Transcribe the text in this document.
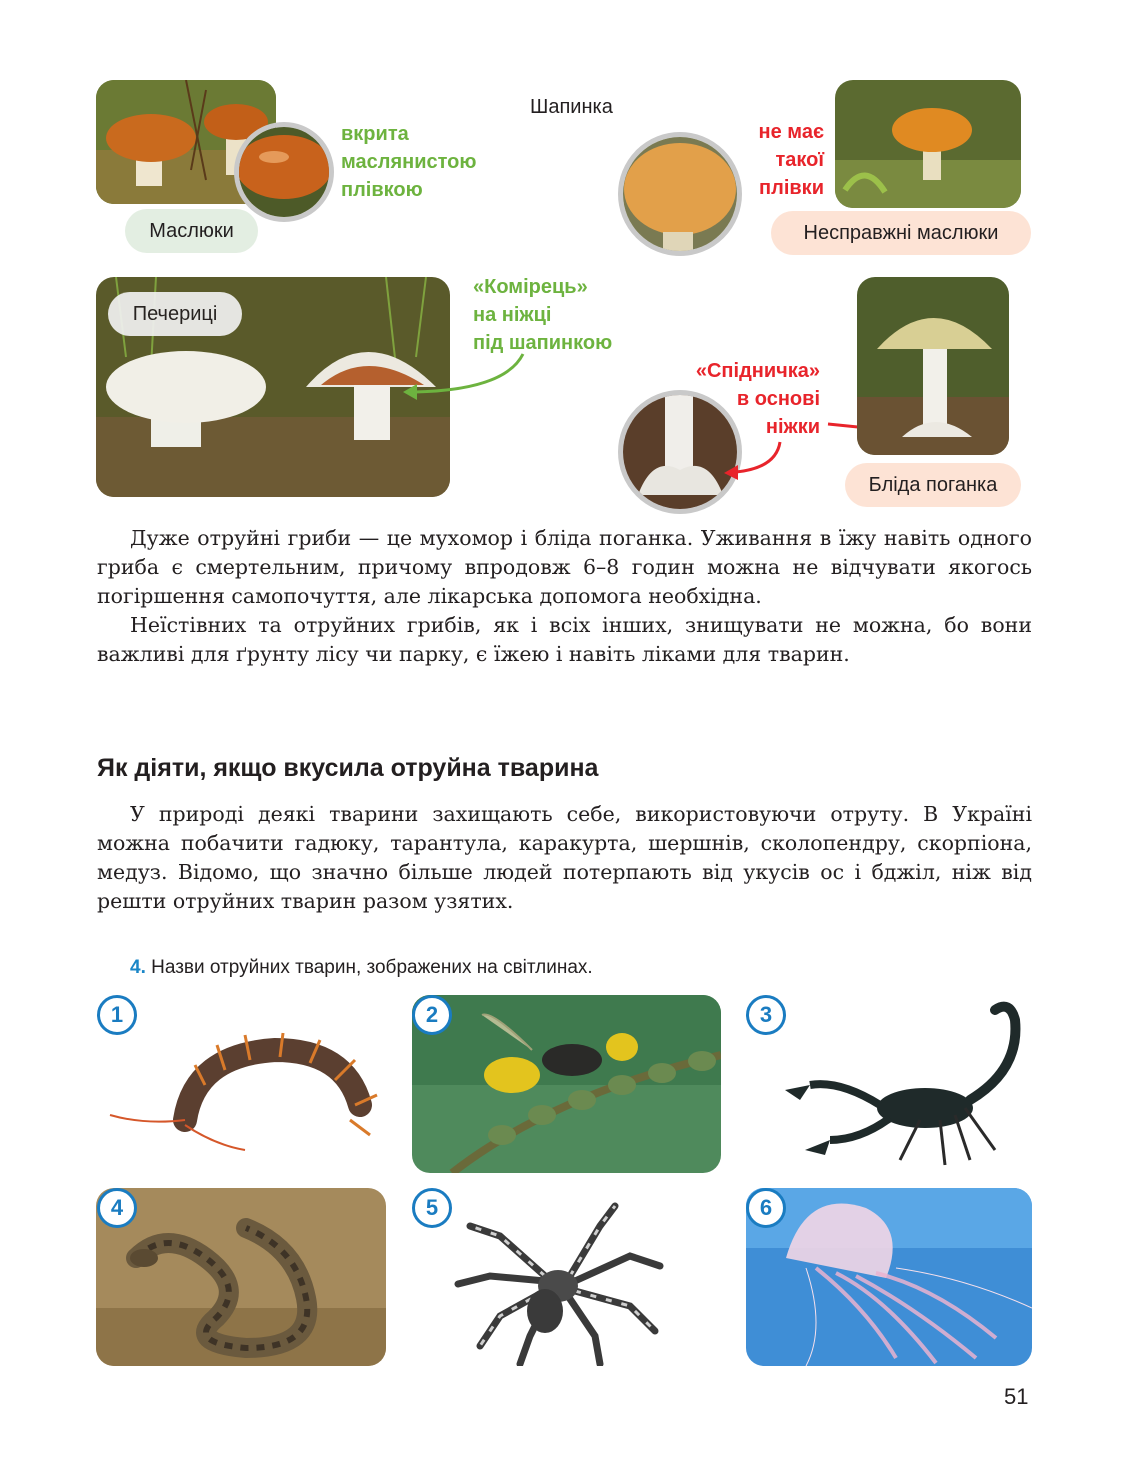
вкрита
маслянистою
плівкою
Маслюки
Шапинка
не має
такої
плівки
Несправжні маслюки
Печериці
«Комірець»
на ніжці
під шапинкою
«Спідничка»
в основі
ніжки
Бліда поганка

Дуже отруйні гриби — це мухомор і бліда поганка. Уживання в їжу навіть одного гриба є смертельним, причому впродовж 6–8 годин можна не відчувати якогось погіршення самопочуття, але лікарська допомога необхідна.

Неїстівних та отруйних грибів, як і всіх інших, знищувати не можна, бо вони важливі для ґрунту лісу чи парку, є їжею і навіть ліками для тварин.

Як діяти, якщо вкусила отруйна тварина

У природі деякі тварини захищають себе, використовуючи отруту. В Україні можна побачити гадюку, тарантула, каракурта, шершнів, сколопендру, скорпіона, медуз. Відомо, що значно більше людей потерпають від укусів ос і бджіл, ніж від решти отруйних тварин разом узятих.

4. Назви отруйних тварин, зображених на світлинах.
1	2	3
4	5	6
51
